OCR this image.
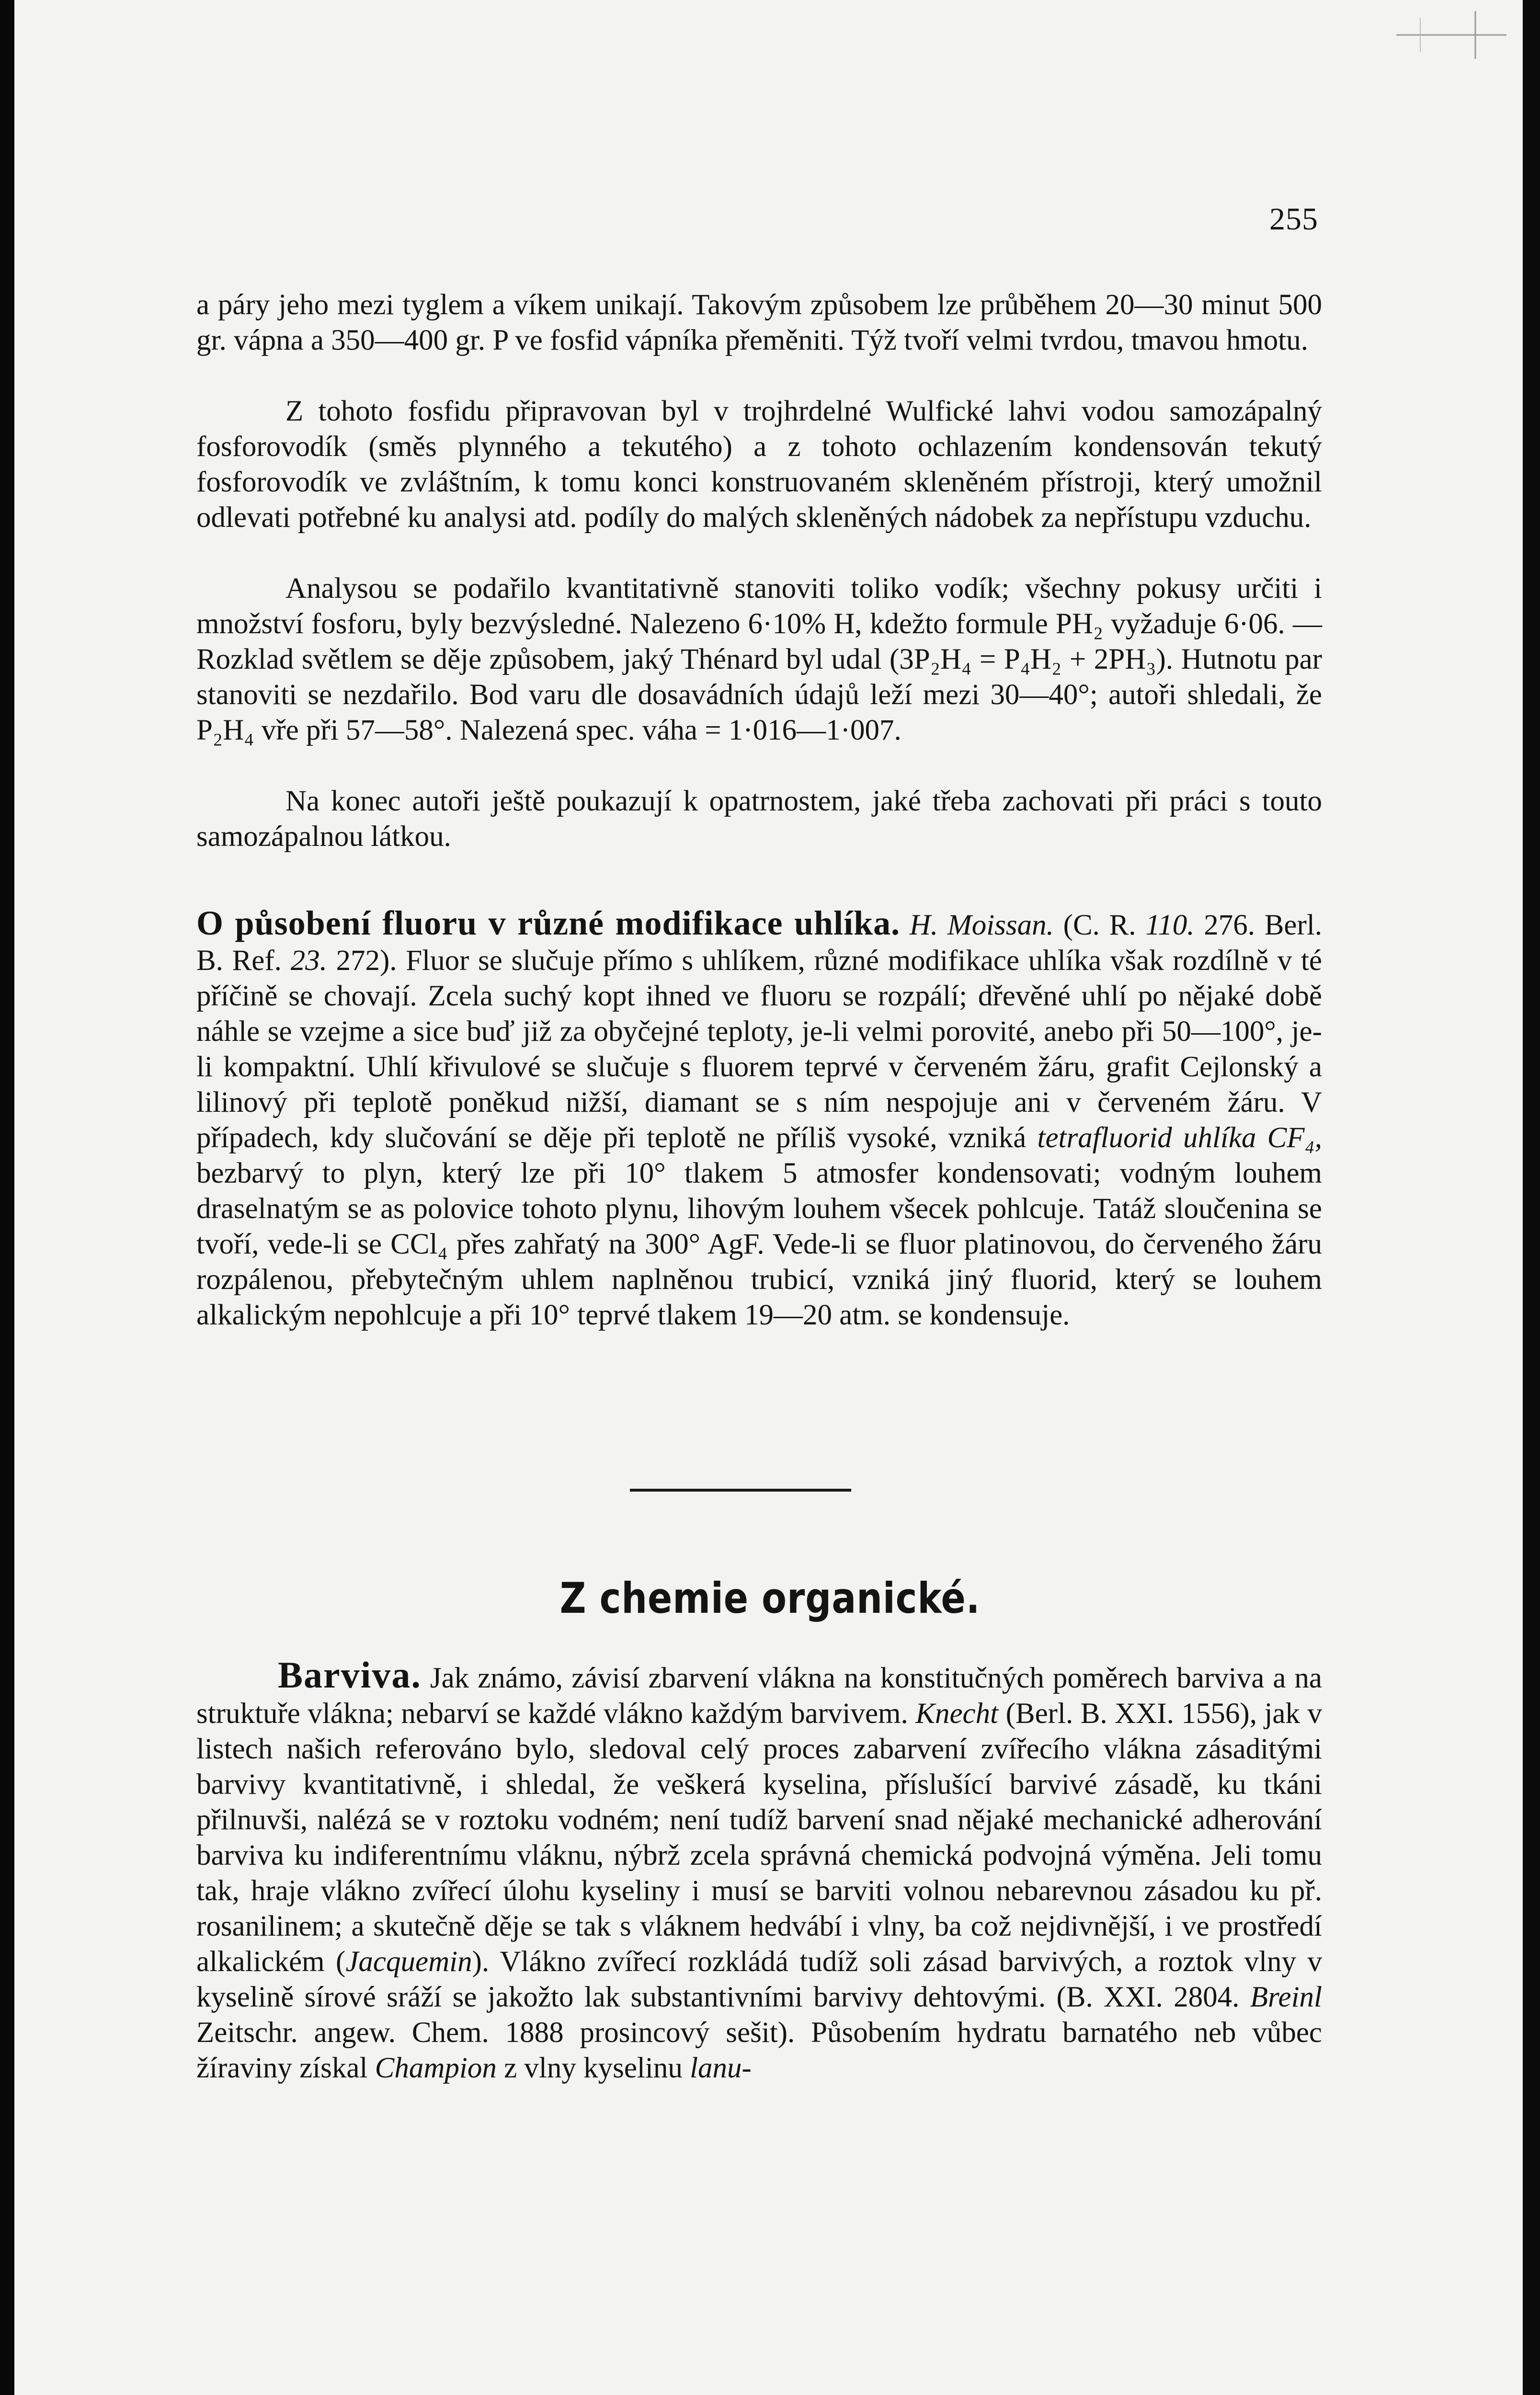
255

a páry jeho mezi tyglem a víkem unikají. Takovým způsobem lze průběhem 20—30 minut 500 gr. vápna a 350—400 gr. P ve fosfid vápníka přeměniti. Týž tvoří velmi tvrdou, tmavou hmotu.

Z tohoto fosfidu připravovan byl v trojhrdelné Wulfické lahvi vodou samozápalný fosforovodík (směs plynného a tekutého) a z tohoto ochlazením kondensován tekutý fosforovodík ve zvláštním, k tomu konci konstruovaném skleněném přístroji, který umožnil odlevati potřebné ku analysi atd. podíly do malých skleněných nádobek za nepřístupu vzduchu.

Analysou se podařilo kvantitativně stanoviti toliko vodík; všechny pokusy určiti i množství fosforu, byly bezvýsledné. Nalezeno 6·10% H, kdežto formule PH₂ vyžaduje 6·06. — Rozklad světlem se děje způsobem, jaký Thénard byl udal (3P₂H₄ = P₄H₂ + 2PH₃). Hutnotu par stanoviti se nezdařilo. Bod varu dle dosavádních údajů leží mezi 30—40°; autoři shledali, že P₂H₄ vře při 57—58°. Nalezená spec. váha = 1·016—1·007.

Na konec autoři ještě poukazují k opatrnostem, jaké třeba zachovati při práci s touto samozápalnou látkou.

O působení fluoru v různé modifikace uhlíka. H. Moissan. (C. R. 110. 276. Berl. B. Ref. 23. 272). Fluor se slučuje přímo s uhlíkem, různé modifikace uhlíka však rozdílně v té příčině se chovají. Zcela suchý kopt ihned ve fluoru se rozpálí; dřevěné uhlí po nějaké době náhle se vzejme a sice buď již za obyčejné teploty, je-li velmi porovité, anebo při 50—100°, je-li kompaktní. Uhlí křivulové se slučuje s fluorem teprvé v červeném žáru, grafit Cejlonský a lilinový při teplotě poněkud nižší, diamant se s ním nespojuje ani v červeném žáru. V případech, kdy slučování se děje při teplotě ne příliš vysoké, vzniká tetrafluorid uhlíka CF₄, bezbarvý to plyn, který lze při 10° tlakem 5 atmosfer kondensovati; vodným louhem draselnatým se as polovice tohoto plynu, lihovým louhem všecek pohlcuje. Tatáž sloučenina se tvoří, vede-li se CCl₄ přes zahřatý na 300° AgF. Vede-li se fluor platinovou, do červeného žáru rozpálenou, přebytečným uhlem naplněnou trubicí, vzniká jiný fluorid, který se louhem alkalickým nepohlcuje a při 10° teprvé tlakem 19—20 atm. se kondensuje.

Z chemie organické.

Barviva. Jak známo, závisí zbarvení vlákna na konstitučných poměrech barviva a na struktuře vlákna; nebarví se každé vlákno každým barvivem. Knecht (Berl. B. XXI. 1556), jak v listech našich referováno bylo, sledoval celý proces zabarvení zvířecího vlákna zásaditými barvivy kvantitativně, i shledal, že veškerá kyselina, příslušící barvivé zásadě, ku tkáni přilnuvši, nalézá se v roztoku vodném; není tudíž barvení snad nějaké mechanické adherování barviva ku indiferentnímu vláknu, nýbrž zcela správná chemická podvojná výměna. Jeli tomu tak, hraje vlákno zvířecí úlohu kyseliny i musí se barviti volnou nebarevnou zásadou ku př. rosanilinem; a skutečně děje se tak s vláknem hedvábí i vlny, ba což nejdivnější, i ve prostředí alkalickém (Jacquemin). Vlákno zvířecí rozkládá tudíž soli zásad barvivých, a roztok vlny v kyselině sírové sráží se jakožto lak substantivními barvivy dehtovými. (B. XXI. 2804. Breinl Zeitschr. angew. Chem. 1888 prosincový sešit). Působením hydratu barnatého neb vůbec žíraviny získal Champion z vlny kyselinu lanu-
